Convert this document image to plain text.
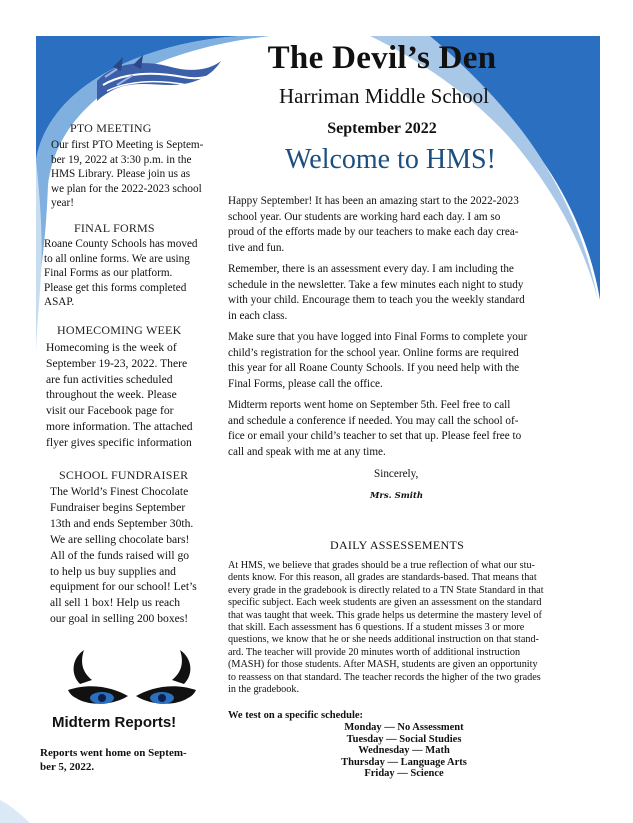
The Devil’s Den
Harriman Middle School
September 2022
Welcome to HMS!
PTO MEETING

Our first PTO Meeting is Septem-

ber 19, 2022 at 3:30 p.m. in the

HMS Library. Please join us as

we plan for the 2022-2023 school

year!

FINAL FORMS

Roane County Schools has moved

to all online forms. We are using

Final Forms as our platform.

Please get this forms completed

ASAP.

HOMECOMING WEEK

Homecoming is the week of

September 19-23, 2022. There

are fun activities scheduled

throughout the week. Please

visit our Facebook page for

more information. The attached

flyer gives specific information

SCHOOL FUNDRAISER

The World’s Finest Chocolate

Fundraiser begins September

13th and ends September 30th.

We are selling chocolate bars!

All of the funds raised will go

to help us buy supplies and

equipment for our school! Let’s

all sell 1 box! Help us reach

our goal in selling 200 boxes!

Midterm Reports!
Reports went home on Septem-
ber 5, 2022.

Happy September! It has been an amazing start to the 2022-2023

school year. Our students are working hard each day. I am so

proud of the efforts made by our teachers to make each day crea-

tive and fun.

Remember, there is an assessment every day. I am including the

schedule in the newsletter. Take a few minutes each night to study

with your child. Encourage them to teach you the weekly standard

in each class.

Make sure that you have logged into Final Forms to complete your

child’s registration for the school year. Online forms are required

this year for all Roane County Schools. If you need help with the

Final Forms, please call the office.

Midterm reports went home on September 5th. Feel free to call

and schedule a conference if needed. You may call the school of-

fice or email your child’s teacher to set that up. Please feel free to

call and speak with me at any time.

Sincerely,
Mrs. Smith
DAILY ASSESSEMENTS

At HMS, we believe that grades should be a true reflection of what our stu-

dents know. For this reason, all grades are standards-based. That means that

every grade in the gradebook is directly related to a TN State Standard in that

specific subject. Each week students are given an assessment on the standard

that was taught that week. This grade helps us determine the mastery level of

that skill. Each assessment has 6 questions. If a student misses 3 or more

questions, we know that he or she needs additional instruction on that stand-

ard. The teacher will provide 20 minutes worth of additional instruction

(MASH) for those students. After MASH, students are given an opportunity

to reassess on that standard. The teacher records the higher of the two grades

in the gradebook.

We test on a specific schedule:
Monday — No Assessment
Tuesday — Social Studies
Wednesday — Math
Thursday — Language Arts
Friday — Science
